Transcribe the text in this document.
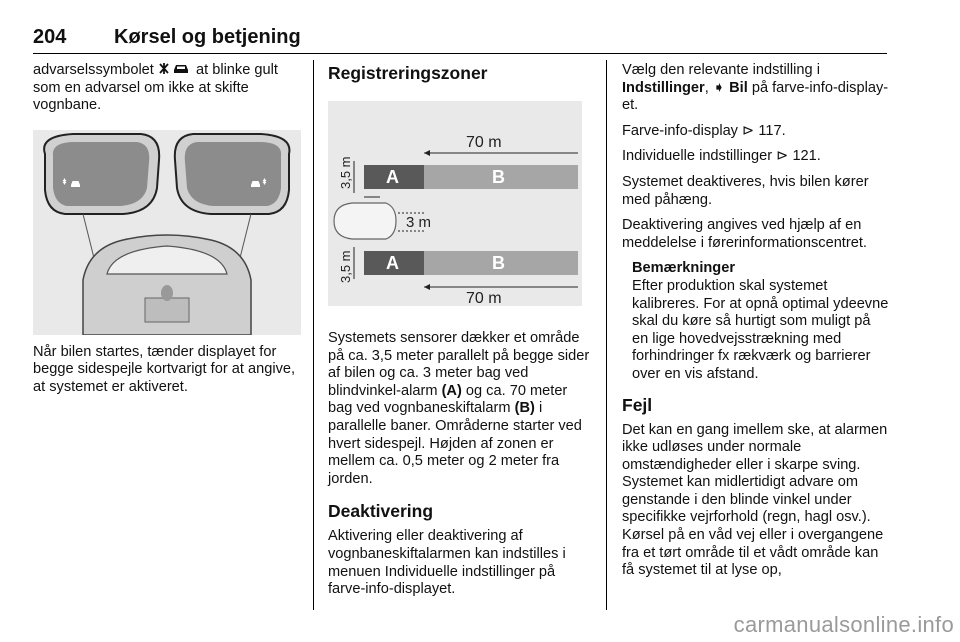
204 Kørsel og betjening

advarselssymbolet	at blinke gult som en advarsel om ikke at skifte vognbane.

Når bilen startes, tænder displayet for begge sidespejle kortvarigt for at angive, at systemet er aktiveret.

Registreringszoner
70 m
A	B
3,5 m
3 m
A	B
3,5 m
70 m

Systemets sensorer dækker et område på ca. 3,5 meter parallelt på begge sider af bilen og ca. 3 meter bag ved blindvinkel-alarm (A) og ca. 70 meter bag ved vognbaneskiftalarm (B) i parallelle baner. Områderne starter ved hvert sidespejl. Højden af zonen er mellem ca. 0,5 meter og 2 meter fra jorden.

Deaktivering

Aktivering eller deaktivering af vognbaneskiftalarmen kan indstilles i menuen Individuelle indstillinger på farve-info-displayet.

Vælg den relevante indstilling i Indstillinger, ➧ Bil på farve-info-displayet.

Farve-info-display ⊳ 117.

Individuelle indstillinger ⊳ 121.

Systemet deaktiveres, hvis bilen kører med påhæng.

Deaktivering angives ved hjælp af en meddelelse i førerinformationscentret.

Bemærkninger
Efter produktion skal systemet kalibreres. For at opnå optimal ydeevne skal du køre så hurtigt som muligt på en lige hovedvejsstrækning med forhindringer fx rækværk og barrierer over en vis afstand.
Fejl

Det kan en gang imellem ske, at alarmen ikke udløses under normale omstændigheder eller i skarpe sving. Systemet kan midlertidigt advare om genstande i den blinde vinkel under specifikke vejrforhold (regn, hagl osv.). Kørsel på en våd vej eller i overgangene fra et tørt område til et vådt område kan få systemet til at lyse op,

carmanualsonline.info
